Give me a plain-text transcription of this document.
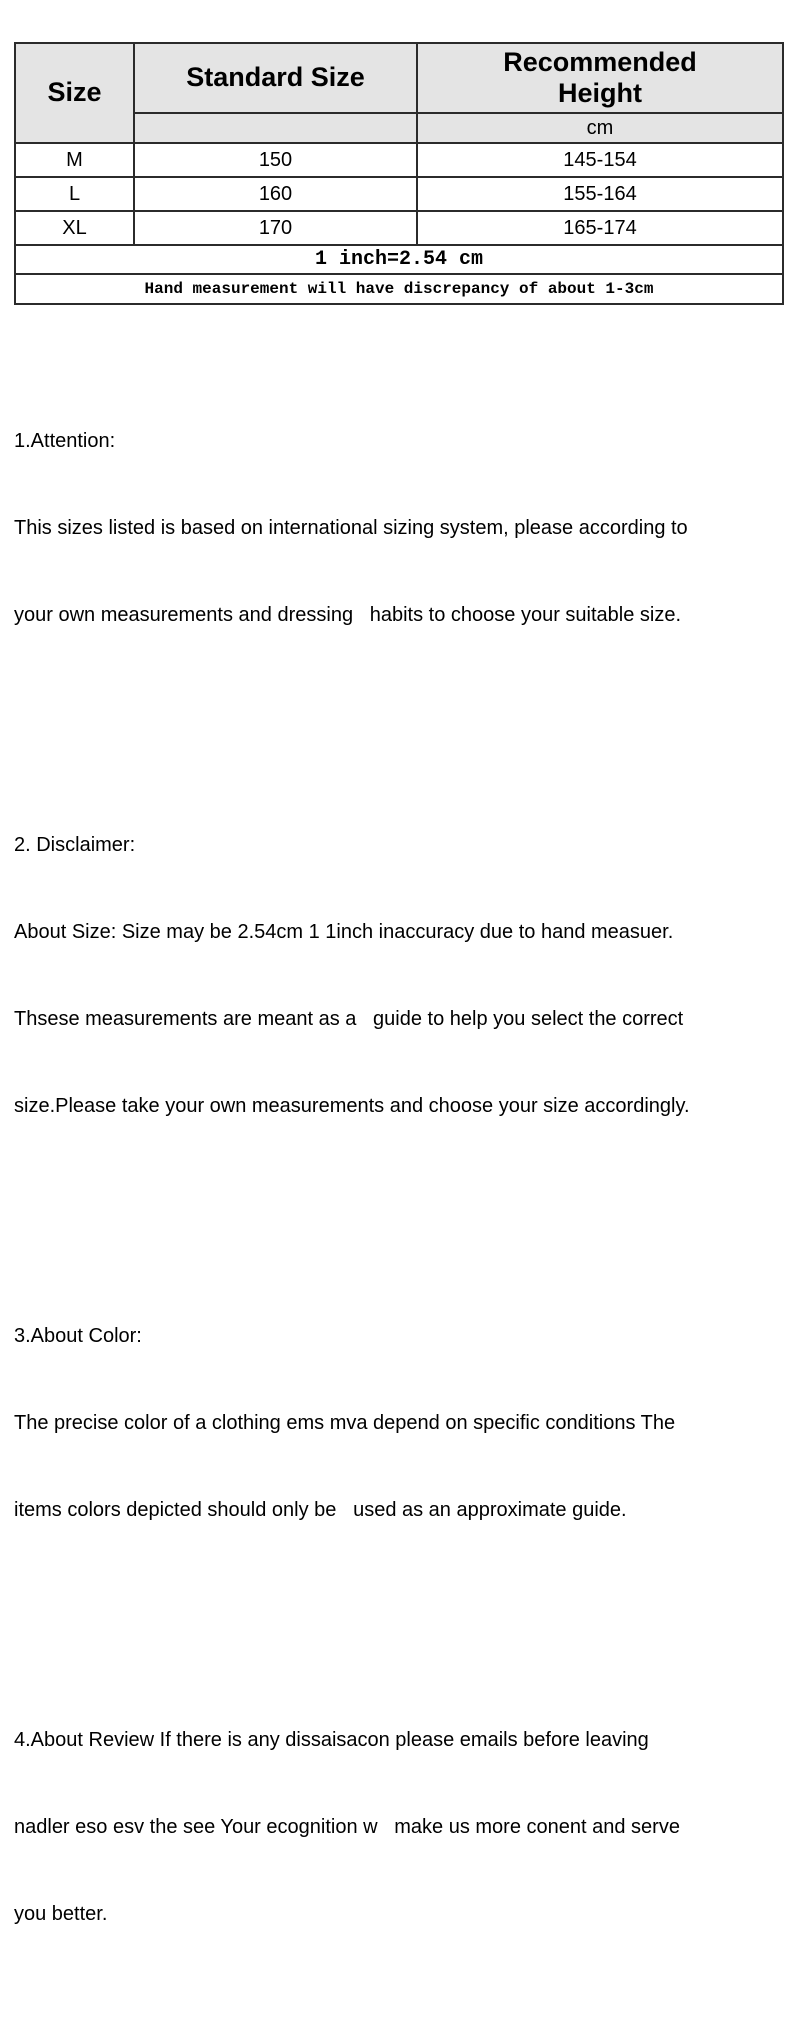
Size	Standard Size	Recommended Height
		cm
M	150	145-154
L	160	155-164
XL	170	165-174
1 inch=2.54 cm		
Hand measurement will have discrepancy of about 1-3cm		

1.Attention:

This sizes listed is based on international sizing system, please according to

your own measurements and dressing   habits to choose your suitable size.

2. Disclaimer:

About Size: Size may be 2.54cm 1 1inch inaccuracy due to hand measuer.

Thsese measurements are meant as a   guide to help you select the correct

size.Please take your own measurements and choose your size accordingly.

3.About Color:

The precise color of a clothing ems mva depend on specific conditions The

items colors depicted should only be   used as an approximate guide.

4.About Review If there is any dissaisacon please emails before leaving

nadler eso esv the see Your ecognition w   make us more conent and serve

you better.
